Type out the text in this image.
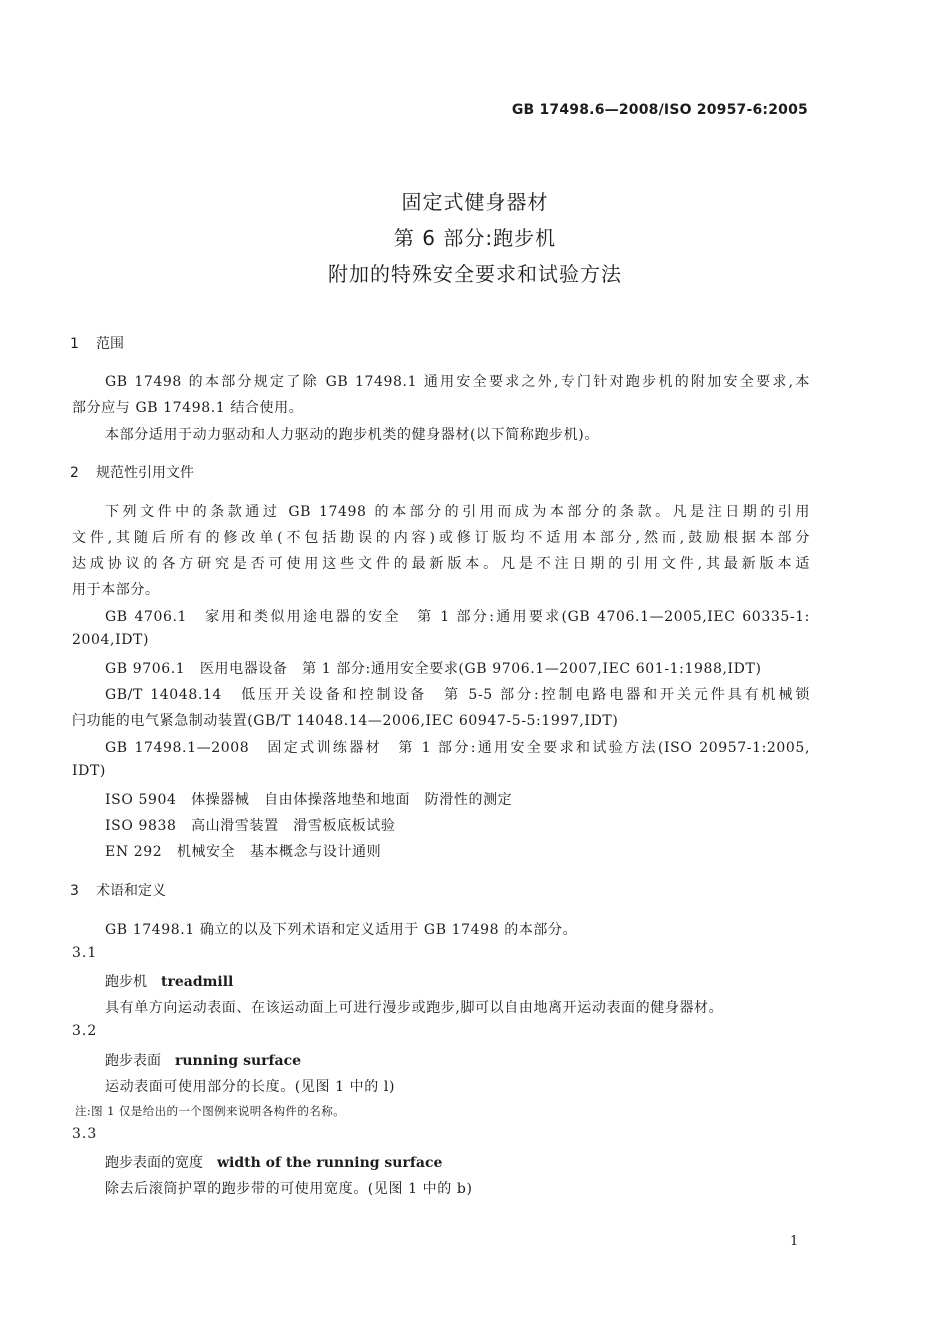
GB 17498.6—2008/ISO 20957-6:2005

固定式健身器材

第 6 部分:跑步机

附加的特殊安全要求和试验方法

1 范围

GB 17498 的本部分规定了除 GB 17498.1 通用安全要求之外,专门针对跑步机的附加安全要求,本

部分应与 GB 17498.1 结合使用。

本部分适用于动力驱动和人力驱动的跑步机类的健身器材(以下简称跑步机)。

2 规范性引用文件

下列文件中的条款通过 GB 17498 的本部分的引用而成为本部分的条款。凡是注日期的引用

文件,其随后所有的修改单(不包括勘误的内容)或修订版均不适用本部分,然而,鼓励根据本部分

达成协议的各方研究是否可使用这些文件的最新版本。凡是不注日期的引用文件,其最新版本适

用于本部分。

GB 4706.1　家用和类似用途电器的安全　第 1 部分:通用要求(GB 4706.1—2005,IEC 60335-1:

2004,IDT)

GB 9706.1　医用电器设备　第 1 部分:通用安全要求(GB 9706.1—2007,IEC 601-1:1988,IDT)

GB/T 14048.14　低压开关设备和控制设备　第 5-5 部分:控制电路电器和开关元件具有机械锁

闩功能的电气紧急制动装置(GB/T 14048.14—2006,IEC 60947-5-5:1997,IDT)

GB 17498.1—2008　固定式训练器材　第 1 部分:通用安全要求和试验方法(ISO 20957-1:2005,

IDT)

ISO 5904　体操器械　自由体操落地垫和地面　防滑性的测定

ISO 9838　高山滑雪装置　滑雪板底板试验

EN 292　机械安全　基本概念与设计通则

3 术语和定义

GB 17498.1 确立的以及下列术语和定义适用于 GB 17498 的本部分。

3.1

跑步机 treadmill

具有单方向运动表面、在该运动面上可进行漫步或跑步,脚可以自由地离开运动表面的健身器材。

3.2

跑步表面 running surface

运动表面可使用部分的长度。(见图 1 中的 l)

注:图 1 仅是给出的一个图例来说明各构件的名称。

3.3

跑步表面的宽度 width of the running surface

除去后滚筒护罩的跑步带的可使用宽度。(见图 1 中的 b)

1
